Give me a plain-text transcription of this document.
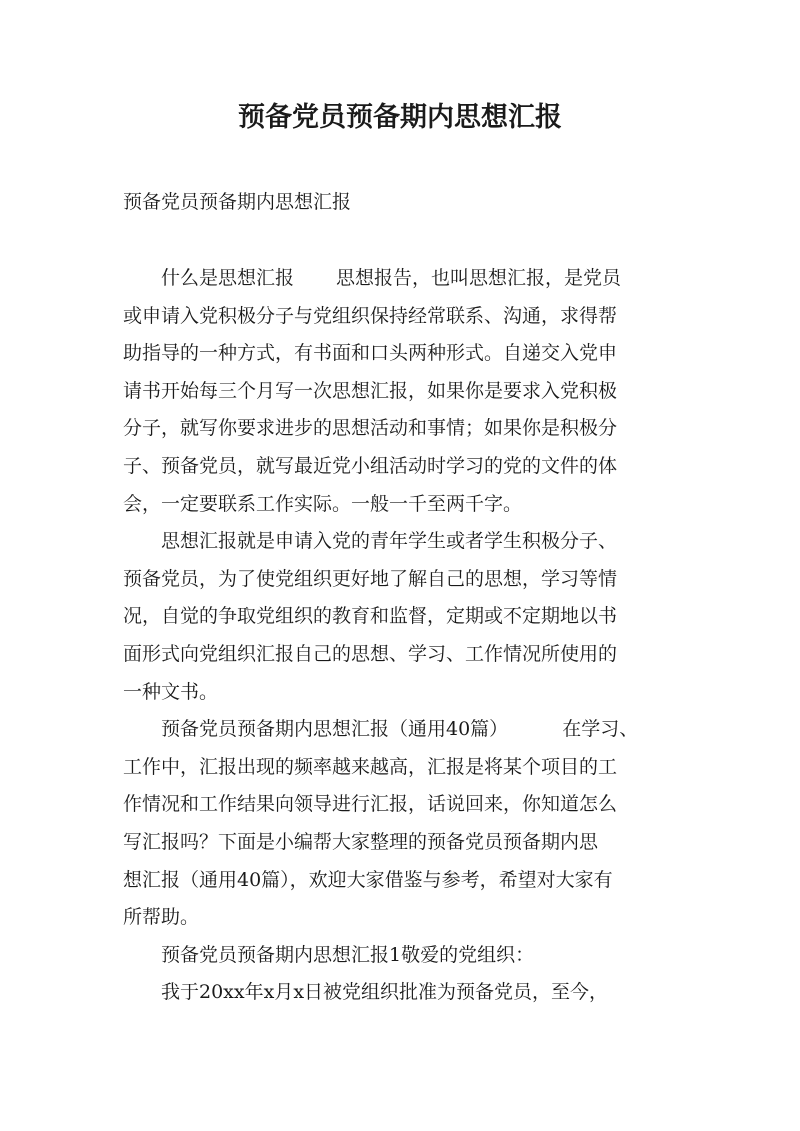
预备党员预备期内思想汇报

预备党员预备期内思想汇报

什么是思想汇报 思想报告，也叫思想汇报，是党员
或申请入党积极分子与党组织保持经常联系、沟通，求得帮
助指导的一种方式，有书面和口头两种形式。自递交入党申
请书开始每三个月写一次思想汇报，如果你是要求入党积极
分子，就写你要求进步的思想活动和事情；如果你是积极分
子、预备党员，就写最近党小组活动时学习的党的文件的体
会，一定要联系工作实际。一般一千至两千字。

思想汇报就是申请入党的青年学生或者学生积极分子、
预备党员，为了使党组织更好地了解自己的思想，学习等情
况，自觉的争取党组织的教育和监督，定期或不定期地以书
面形式向党组织汇报自己的思想、学习、工作情况所使用的
一种文书。

预备党员预备期内思想汇报（通用40篇）	在学习、
工作中，汇报出现的频率越来越高，汇报是将某个项目的工
作情况和工作结果向领导进行汇报，话说回来，你知道怎么
写汇报吗？下面是小编帮大家整理的预备党员预备期内思
想汇报（通用40篇），欢迎大家借鉴与参考，希望对大家有
所帮助。

预备党员预备期内思想汇报1敬爱的党组织：

我于20xx年x月x日被党组织批准为预备党员，至今，
